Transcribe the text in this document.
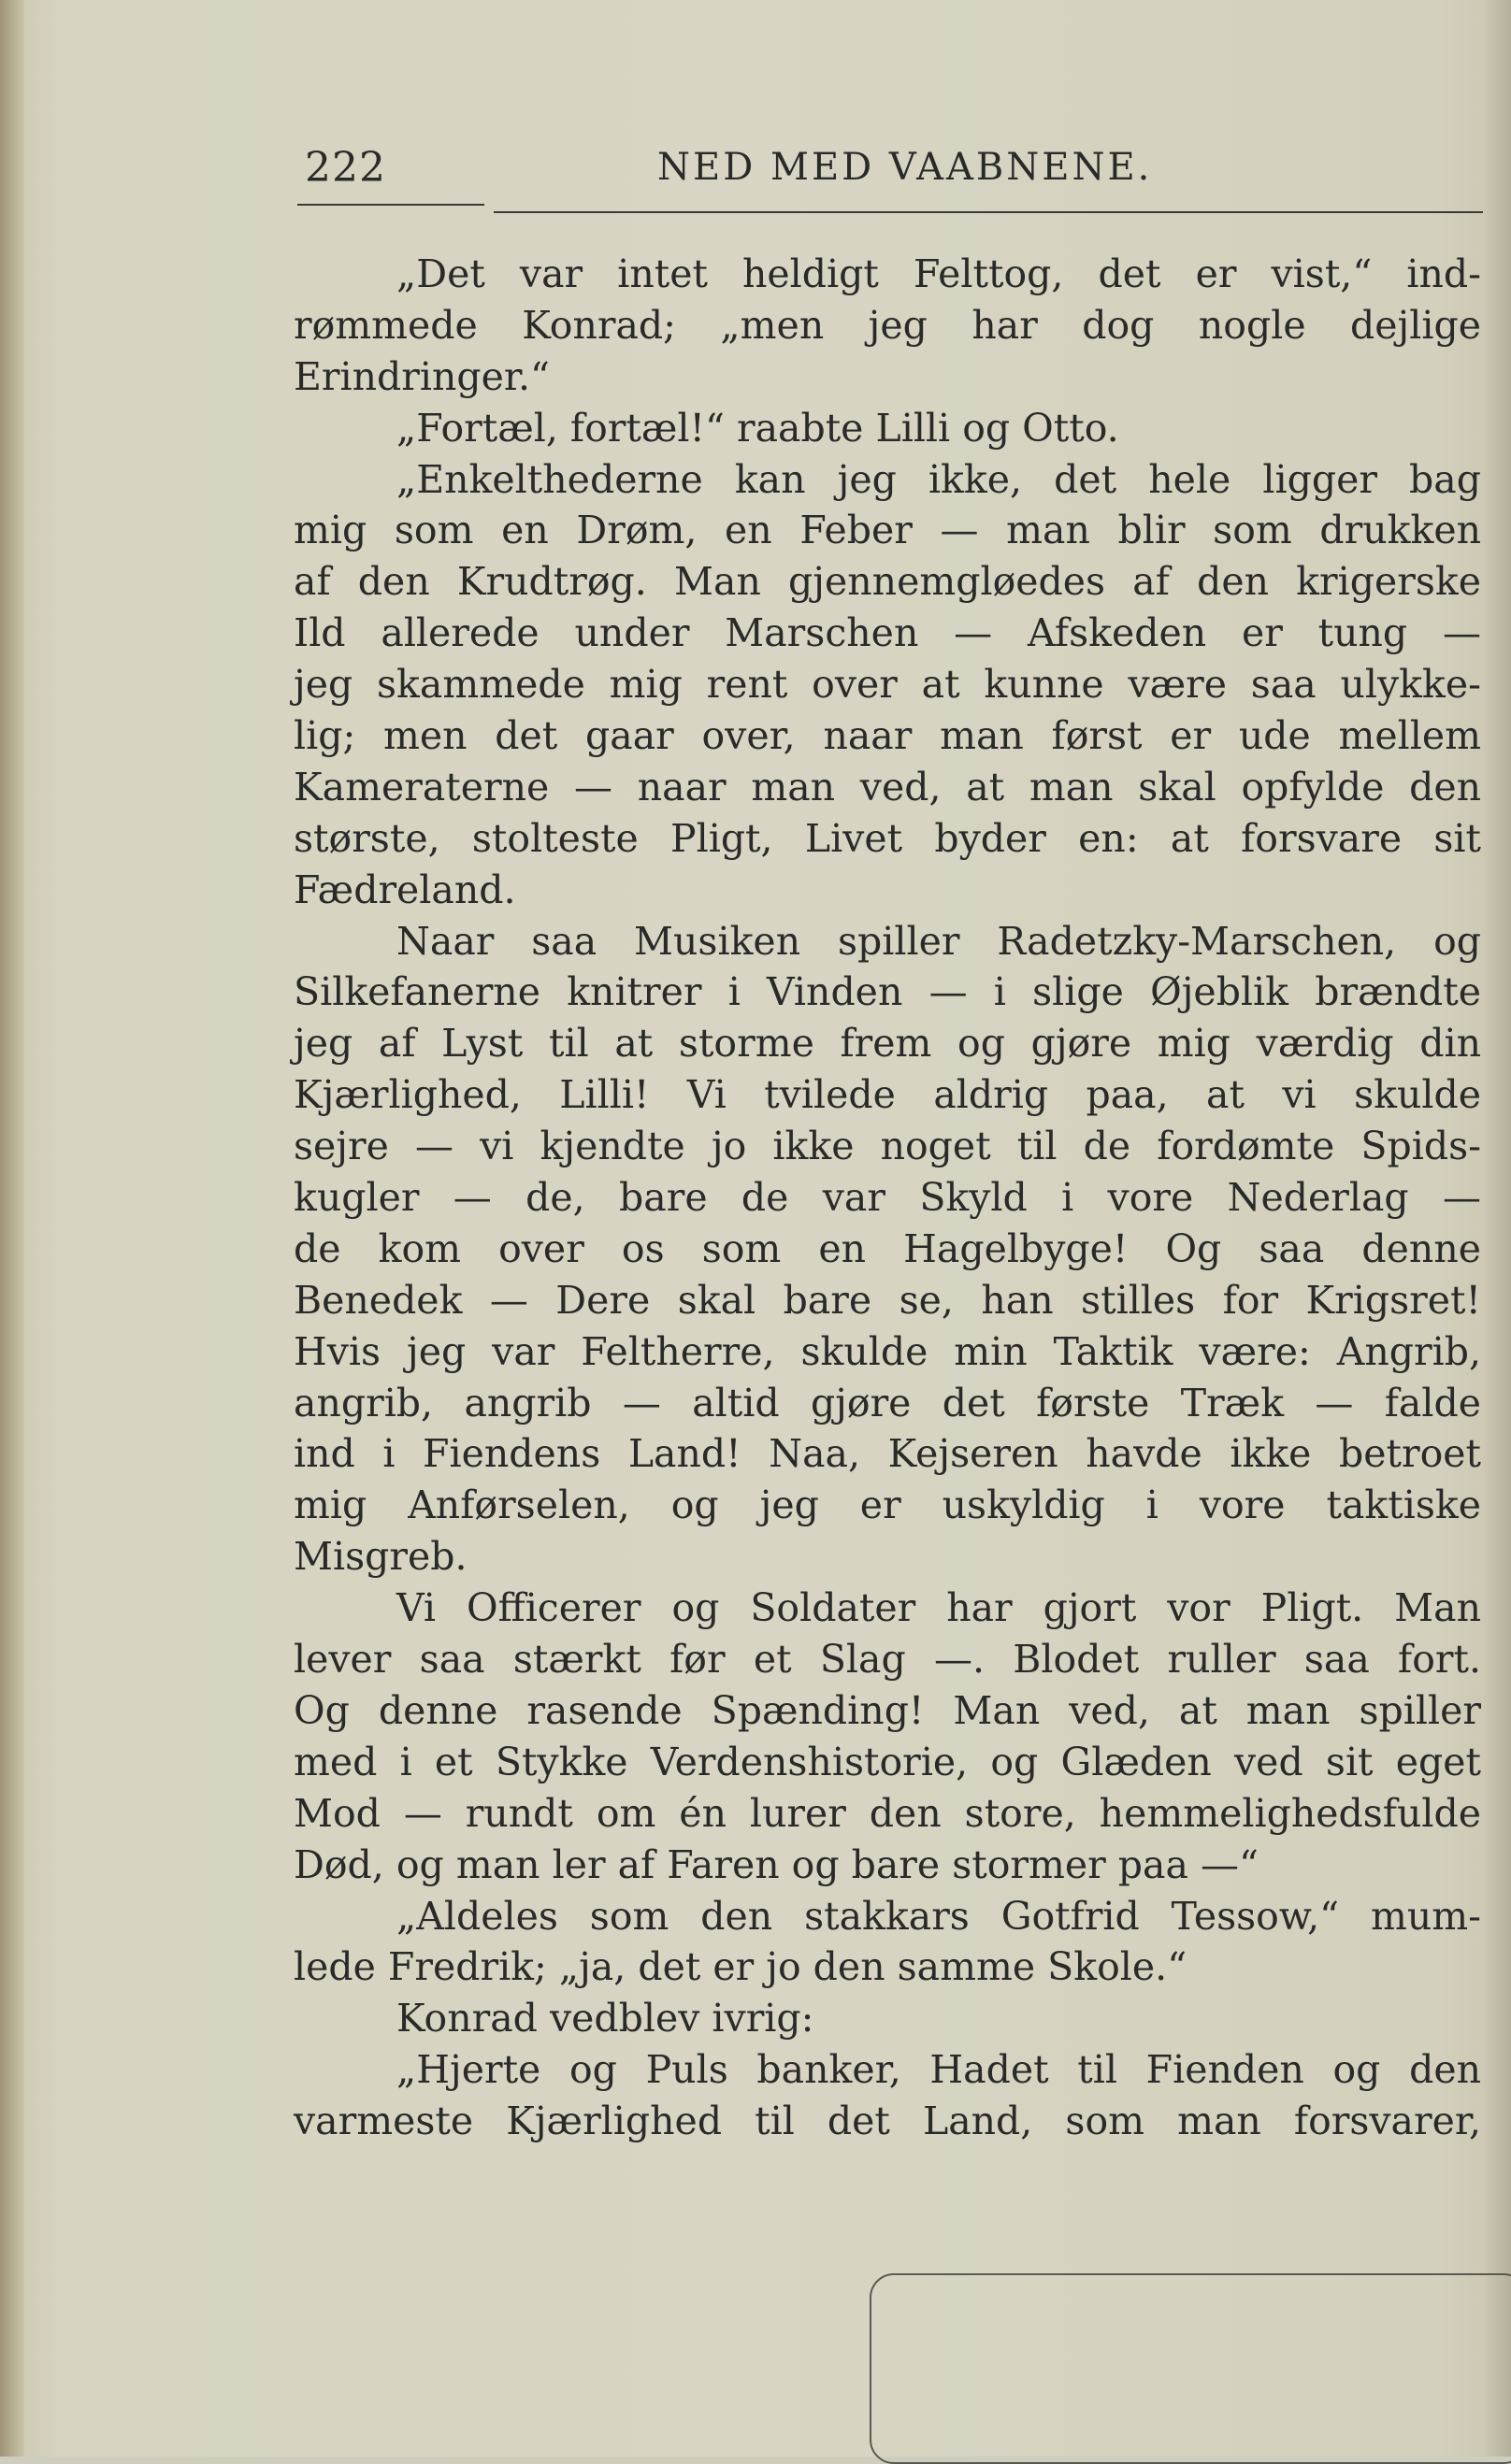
222	NED MED VAABNENE.
„Det var intet heldigt Felttog, det er vist,“ ind-
rømmede Konrad; „men jeg har dog nogle dejlige
Erindringer.“
„Fortæl, fortæl!“ raabte Lilli og Otto.
„Enkelthederne kan jeg ikke, det hele ligger bag
mig som en Drøm, en Feber — man blir som drukken
af den Krudtrøg. Man gjennemgløedes af den krigerske
Ild allerede under Marschen — Afskeden er tung —
jeg skammede mig rent over at kunne være saa ulykke-
lig; men det gaar over, naar man først er ude mellem
Kameraterne — naar man ved, at man skal opfylde den
største, stolteste Pligt, Livet byder en: at forsvare sit
Fædreland.
Naar saa Musiken spiller Radetzky-Marschen, og
Silkefanerne knitrer i Vinden — i slige Øjeblik brændte
jeg af Lyst til at storme frem og gjøre mig værdig din
Kjærlighed, Lilli! Vi tvilede aldrig paa, at vi skulde
sejre — vi kjendte jo ikke noget til de fordømte Spids-
kugler — de, bare de var Skyld i vore Nederlag —
de kom over os som en Hagelbyge! Og saa denne
Benedek — Dere skal bare se, han stilles for Krigsret!
Hvis jeg var Feltherre, skulde min Taktik være: Angrib,
angrib, angrib — altid gjøre det første Træk — falde
ind i Fiendens Land! Naa, Kejseren havde ikke betroet
mig Anførselen, og jeg er uskyldig i vore taktiske
Misgreb.
Vi Officerer og Soldater har gjort vor Pligt. Man
lever saa stærkt før et Slag —. Blodet ruller saa fort.
Og denne rasende Spænding! Man ved, at man spiller
med i et Stykke Verdenshistorie, og Glæden ved sit eget
Mod — rundt om én lurer den store, hemmelighedsfulde
Død, og man ler af Faren og bare stormer paa —“
„Aldeles som den stakkars Gotfrid Tessow,“ mum-
lede Fredrik; „ja, det er jo den samme Skole.“
Konrad vedblev ivrig:
„Hjerte og Puls banker, Hadet til Fienden og den
varmeste Kjærlighed til det Land, som man forsvarer,
